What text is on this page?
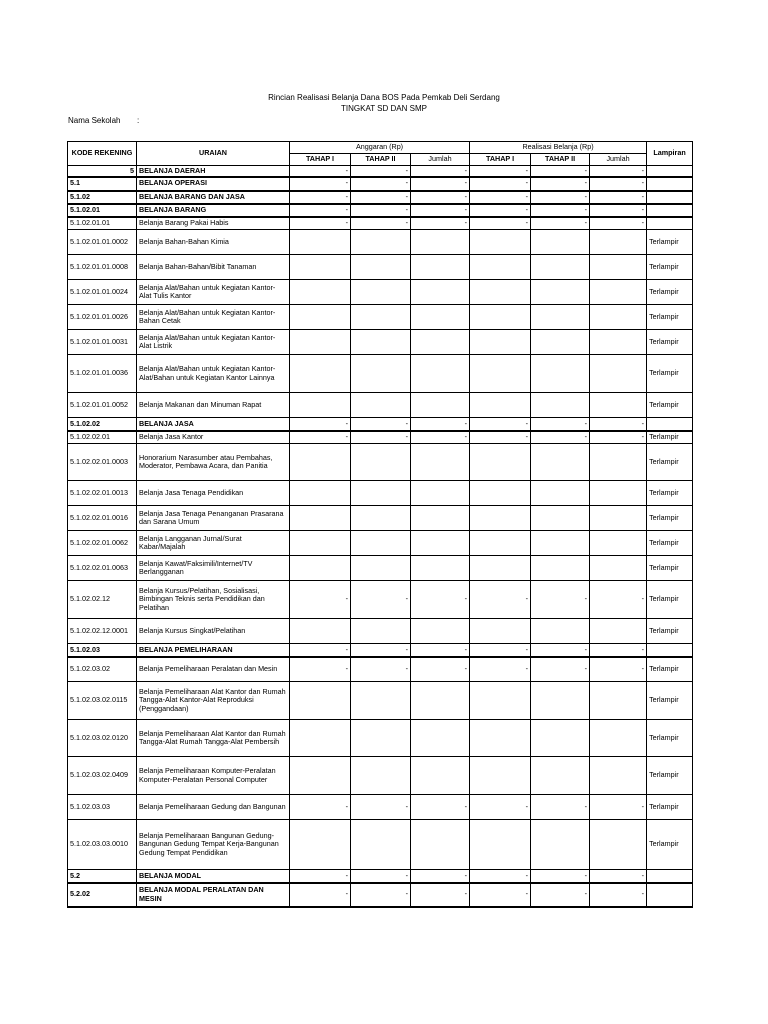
Rincian Realisasi Belanja Dana BOS Pada Pemkab Deli Serdang
TINGKAT SD DAN SMP
Nama Sekolah :
KODE REKENING	URAIAN	Anggaran (Rp)			Realisasi Belanja (Rp)			Lampiran
		TAHAP I	TAHAP II	Jumlah	TAHAP I	TAHAP II	Jumlah	
5	BELANJA DAERAH	-	-	-	-	-	-	
5.1	BELANJA OPERASI	-	-	-	-	-	-	
5.1.02	BELANJA BARANG DAN JASA	-	-	-	-	-	-	
5.1.02.01	BELANJA BARANG	-	-	-	-	-	-	
5.1.02.01.01	Belanja Barang Pakai Habis	-	-	-	-	-	-	
5.1.02.01.01.0002	Belanja Bahan-Bahan Kimia							Terlampir
5.1.02.01.01.0008	Belanja Bahan-Bahan/Bibit Tanaman							Terlampir
5.1.02.01.01.0024	Belanja Alat/Bahan untuk Kegiatan Kantor-Alat Tulis Kantor							Terlampir
5.1.02.01.01.0026	Belanja Alat/Bahan untuk Kegiatan Kantor- Bahan Cetak							Terlampir
5.1.02.01.01.0031	Belanja Alat/Bahan untuk Kegiatan Kantor-Alat Listrik							Terlampir
5.1.02.01.01.0036	Belanja Alat/Bahan untuk Kegiatan Kantor-Alat/Bahan untuk Kegiatan Kantor Lainnya							Terlampir
5.1.02.01.01.0052	Belanja Makanan dan Minuman Rapat							Terlampir
5.1.02.02	BELANJA JASA	-	-	-	-	-	-	
5.1.02.02.01	Belanja Jasa Kantor	-	-	-	-	-	-	Terlampir
5.1.02.02.01.0003	Honorarium Narasumber atau Pembahas, Moderator, Pembawa Acara, dan Panitia							Terlampir
5.1.02.02.01.0013	Belanja Jasa Tenaga Pendidikan							Terlampir
5.1.02.02.01.0016	Belanja Jasa Tenaga Penanganan Prasarana dan Sarana Umum							Terlampir
5.1.02.02.01.0062	Belanja Langganan Jurnal/Surat Kabar/Majalah							Terlampir
5.1.02.02.01.0063	Belanja Kawat/Faksimili/Internet/TV Berlangganan							Terlampir
5.1.02.02.12	Belanja Kursus/Pelatihan, Sosialisasi, Bimbingan Teknis serta Pendidikan dan Pelatihan	-	-	-	-	-	-	Terlampir
5.1.02.02.12.0001	Belanja Kursus Singkat/Pelatihan							Terlampir
5.1.02.03	BELANJA PEMELIHARAAN	-	-	-	-	-	-	
5.1.02.03.02	Belanja Pemeliharaan Peralatan dan Mesin	-	-	-	-	-	-	Terlampir
5.1.02.03.02.0115	Belanja Pemeliharaan Alat Kantor dan Rumah Tangga-Alat Kantor-Alat Reproduksi (Penggandaan)							Terlampir
5.1.02.03.02.0120	Belanja Pemeliharaan Alat Kantor dan Rumah Tangga-Alat Rumah Tangga-Alat Pembersih							Terlampir
5.1.02.03.02.0409	Belanja Pemeliharaan Komputer-Peralatan Komputer-Peralatan Personal Computer							Terlampir
5.1.02.03.03	Belanja Pemeliharaan Gedung dan Bangunan	-	-	-	-	-	-	Terlampir
5.1.02.03.03.0010	Belanja Pemeliharaan Bangunan Gedung-Bangunan Gedung Tempat Kerja-Bangunan Gedung Tempat Pendidikan							Terlampir
5.2	BELANJA MODAL	-	-	-	-	-	-	
5.2.02	BELANJA MODAL PERALATAN DAN MESIN	-	-	-	-	-	-	
